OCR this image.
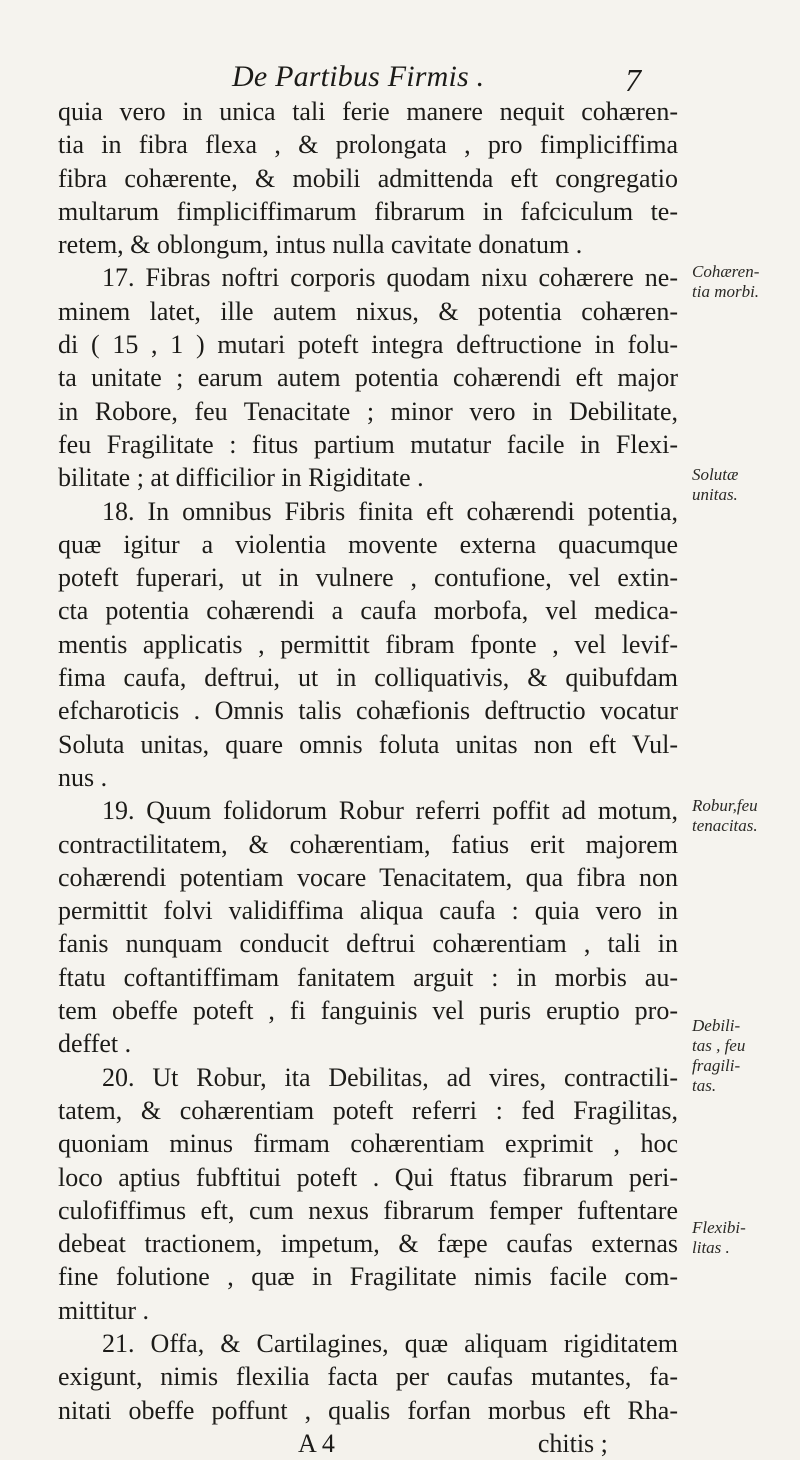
De Partibus Firmis .	7
quia vero in unica tali ferie manere nequit cohæren-
tia in fibra flexa , & prolongata , pro fimpliciffima
fibra cohærente, & mobili admittenda eft congregatio
multarum fimpliciffimarum fibrarum in fafciculum te-
retem, & oblongum, intus nulla cavitate donatum .
17. Fibras noftri corporis quodam nixu cohærere ne-
minem latet, ille autem nixus, & potentia cohæren-
di ( 15 , 1 ) mutari poteft integra deftructione in folu-
ta unitate ; earum autem potentia cohærendi eft major
in Robore, feu Tenacitate ; minor vero in Debilitate,
feu Fragilitate : fitus partium mutatur facile in Flexi-
bilitate ; at difficilior in Rigiditate .
18. In omnibus Fibris finita eft cohærendi potentia,
quæ igitur a violentia movente externa quacumque
poteft fuperari, ut in vulnere , contufione, vel extin-
cta potentia cohærendi a caufa morbofa, vel medica-
mentis applicatis , permittit fibram fponte , vel levif-
fima caufa, deftrui, ut in colliquativis, & quibufdam
efcharoticis . Omnis talis cohæfionis deftructio vocatur
Soluta unitas, quare omnis foluta unitas non eft Vul-
nus .
19. Quum folidorum Robur referri poffit ad motum,
contractilitatem, & cohærentiam, fatius erit majorem
cohærendi potentiam vocare Tenacitatem, qua fibra non
permittit folvi validiffima aliqua caufa : quia vero in
fanis nunquam conducit deftrui cohærentiam , tali in
ftatu coftantiffimam fanitatem arguit : in morbis au-
tem obeffe poteft , fi fanguinis vel puris eruptio pro-
deffet .
20. Ut Robur, ita Debilitas, ad vires, contractili-
tatem, & cohærentiam poteft referri : fed Fragilitas,
quoniam minus firmam cohærentiam exprimit , hoc
loco aptius fubftitui poteft . Qui ftatus fibrarum peri-
culofiffimus eft, cum nexus fibrarum femper fuftentare
debeat tractionem, impetum, & fæpe caufas externas
fine folutione , quæ in Fragilitate nimis facile com-
mittitur .
21. Offa, & Cartilagines, quæ aliquam rigiditatem
exigunt, nimis flexilia facta per caufas mutantes, fa-
nitati obeffe poffunt , qualis forfan morbus eft Rha-
A 4	chitis ;
Cohæren-
tia morbi.
Solutæ
unitas.
Robur,feu
tenacitas.
Debili-
tas , feu
fragili-
tas.
Flexibi-
litas .
